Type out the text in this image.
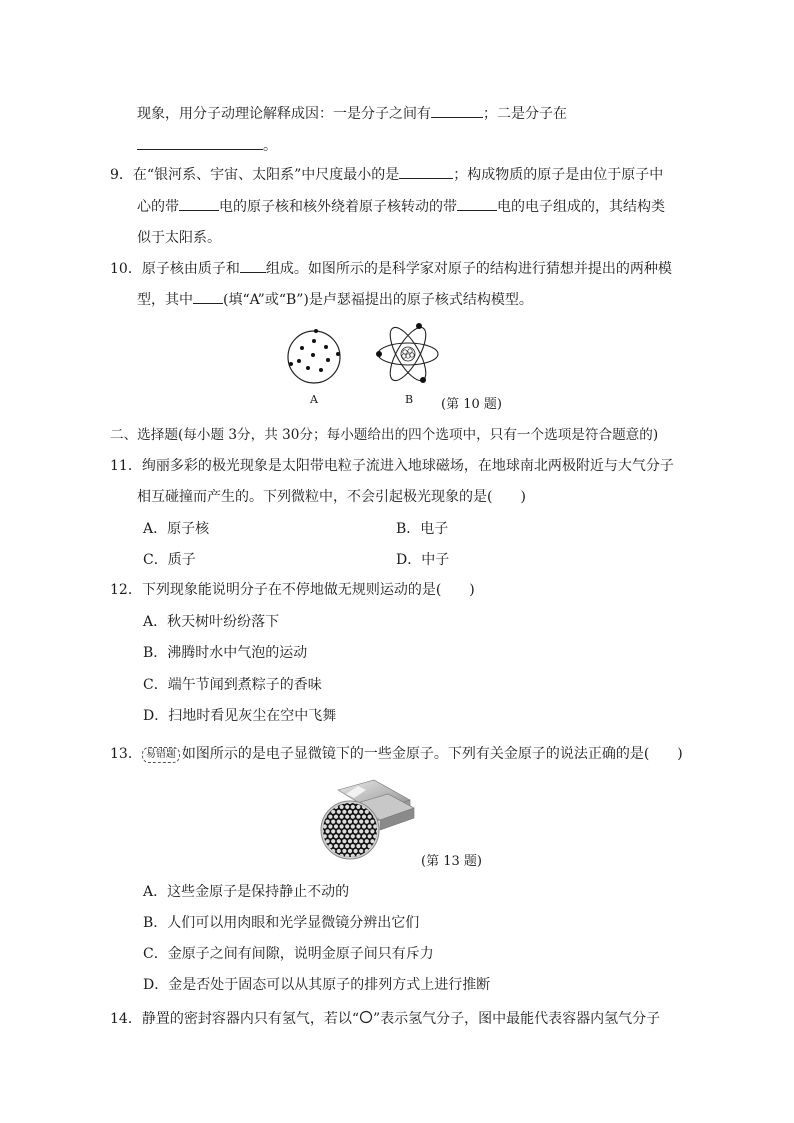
现象，用分子动理论解释成因：一是分子之间有	；二是分子在
。
9．在“银河系、宇宙、太阳系”中尺度最小的是	；构成物质的原子是由位于原子中
心的带	电的原子核和核外绕着原子核转动的带	电的电子组成的，其结构类
似于太阳系。
10．原子核由质子和 组成。如图所示的是科学家对原子的结构进行猜想并提出的两种模
型，其中 (填“A”或“B”)是卢瑟福提出的原子核式结构模型。
A	B (第 10 题)
二、选择题(每小题 3分，共 30分；每小题给出的四个选项中，只有一个选项是符合题意的)
11．绚丽多彩的极光现象是太阳带电粒子流进入地球磁场，在地球南北两极附近与大气分子
相互碰撞而产生的。下列微粒中，不会引起极光现象的是(　　)
A．原子核	B．电子
C．质子	D．中子
12．下列现象能说明分子在不停地做无规则运动的是(　　)
A．秋天树叶纷纷落下
B．沸腾时水中气泡的运动
C．端午节闻到煮粽子的香味
D．扫地时看见灰尘在空中飞舞
13． 易错题 如图所示的是电子显微镜下的一些金原子。下列有关金原子的说法正确的是(　　)
(第 13 题)
A．这些金原子是保持静止不动的
B．人们可以用肉眼和光学显微镜分辨出它们
C．金原子之间有间隙，说明金原子间只有斥力
D．金是否处于固态可以从其原子的排列方式上进行推断
14．静置的密封容器内只有氢气，若以“ ”表示氢气分子，图中最能代表容器内氢气分子
